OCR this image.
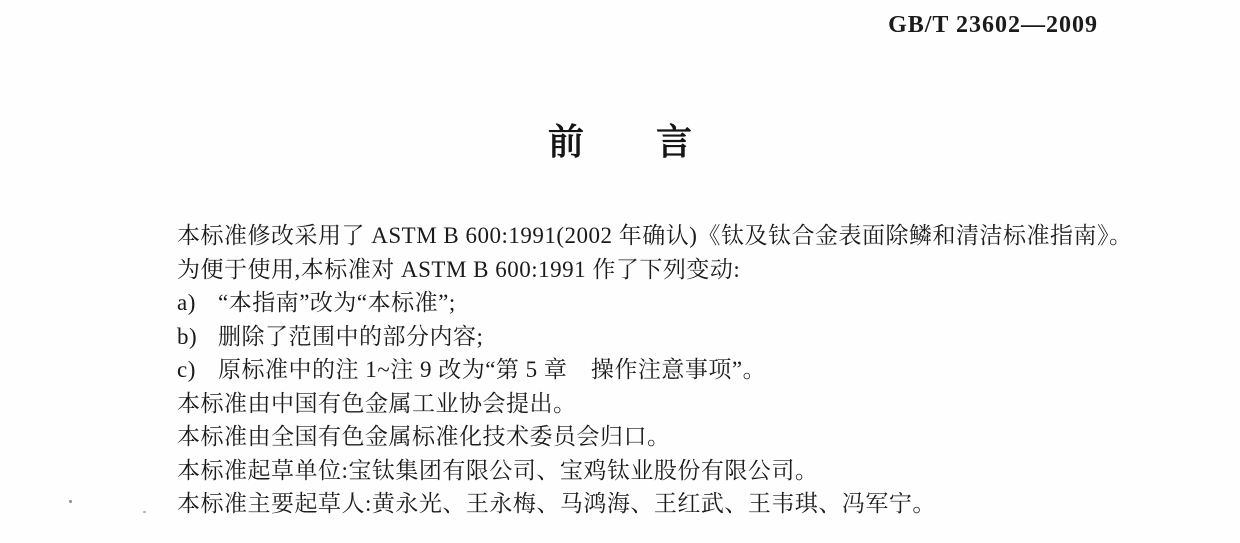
GB/T 23602—2009
前　　言

本标准修改采用了 ASTM B 600:1991(2002 年确认)《钛及钛合金表面除鳞和清洁标准指南》。

为便于使用,本标准对 ASTM B 600:1991 作了下列变动:

a) “本指南”改为“本标准”;

b) 删除了范围中的部分内容;

c) 原标准中的注 1~注 9 改为“第 5 章　操作注意事项”。

本标准由中国有色金属工业协会提出。

本标准由全国有色金属标准化技术委员会归口。

本标准起草单位:宝钛集团有限公司、宝鸡钛业股份有限公司。

本标准主要起草人:黄永光、王永梅、马鸿海、王红武、王韦琪、冯军宁。
